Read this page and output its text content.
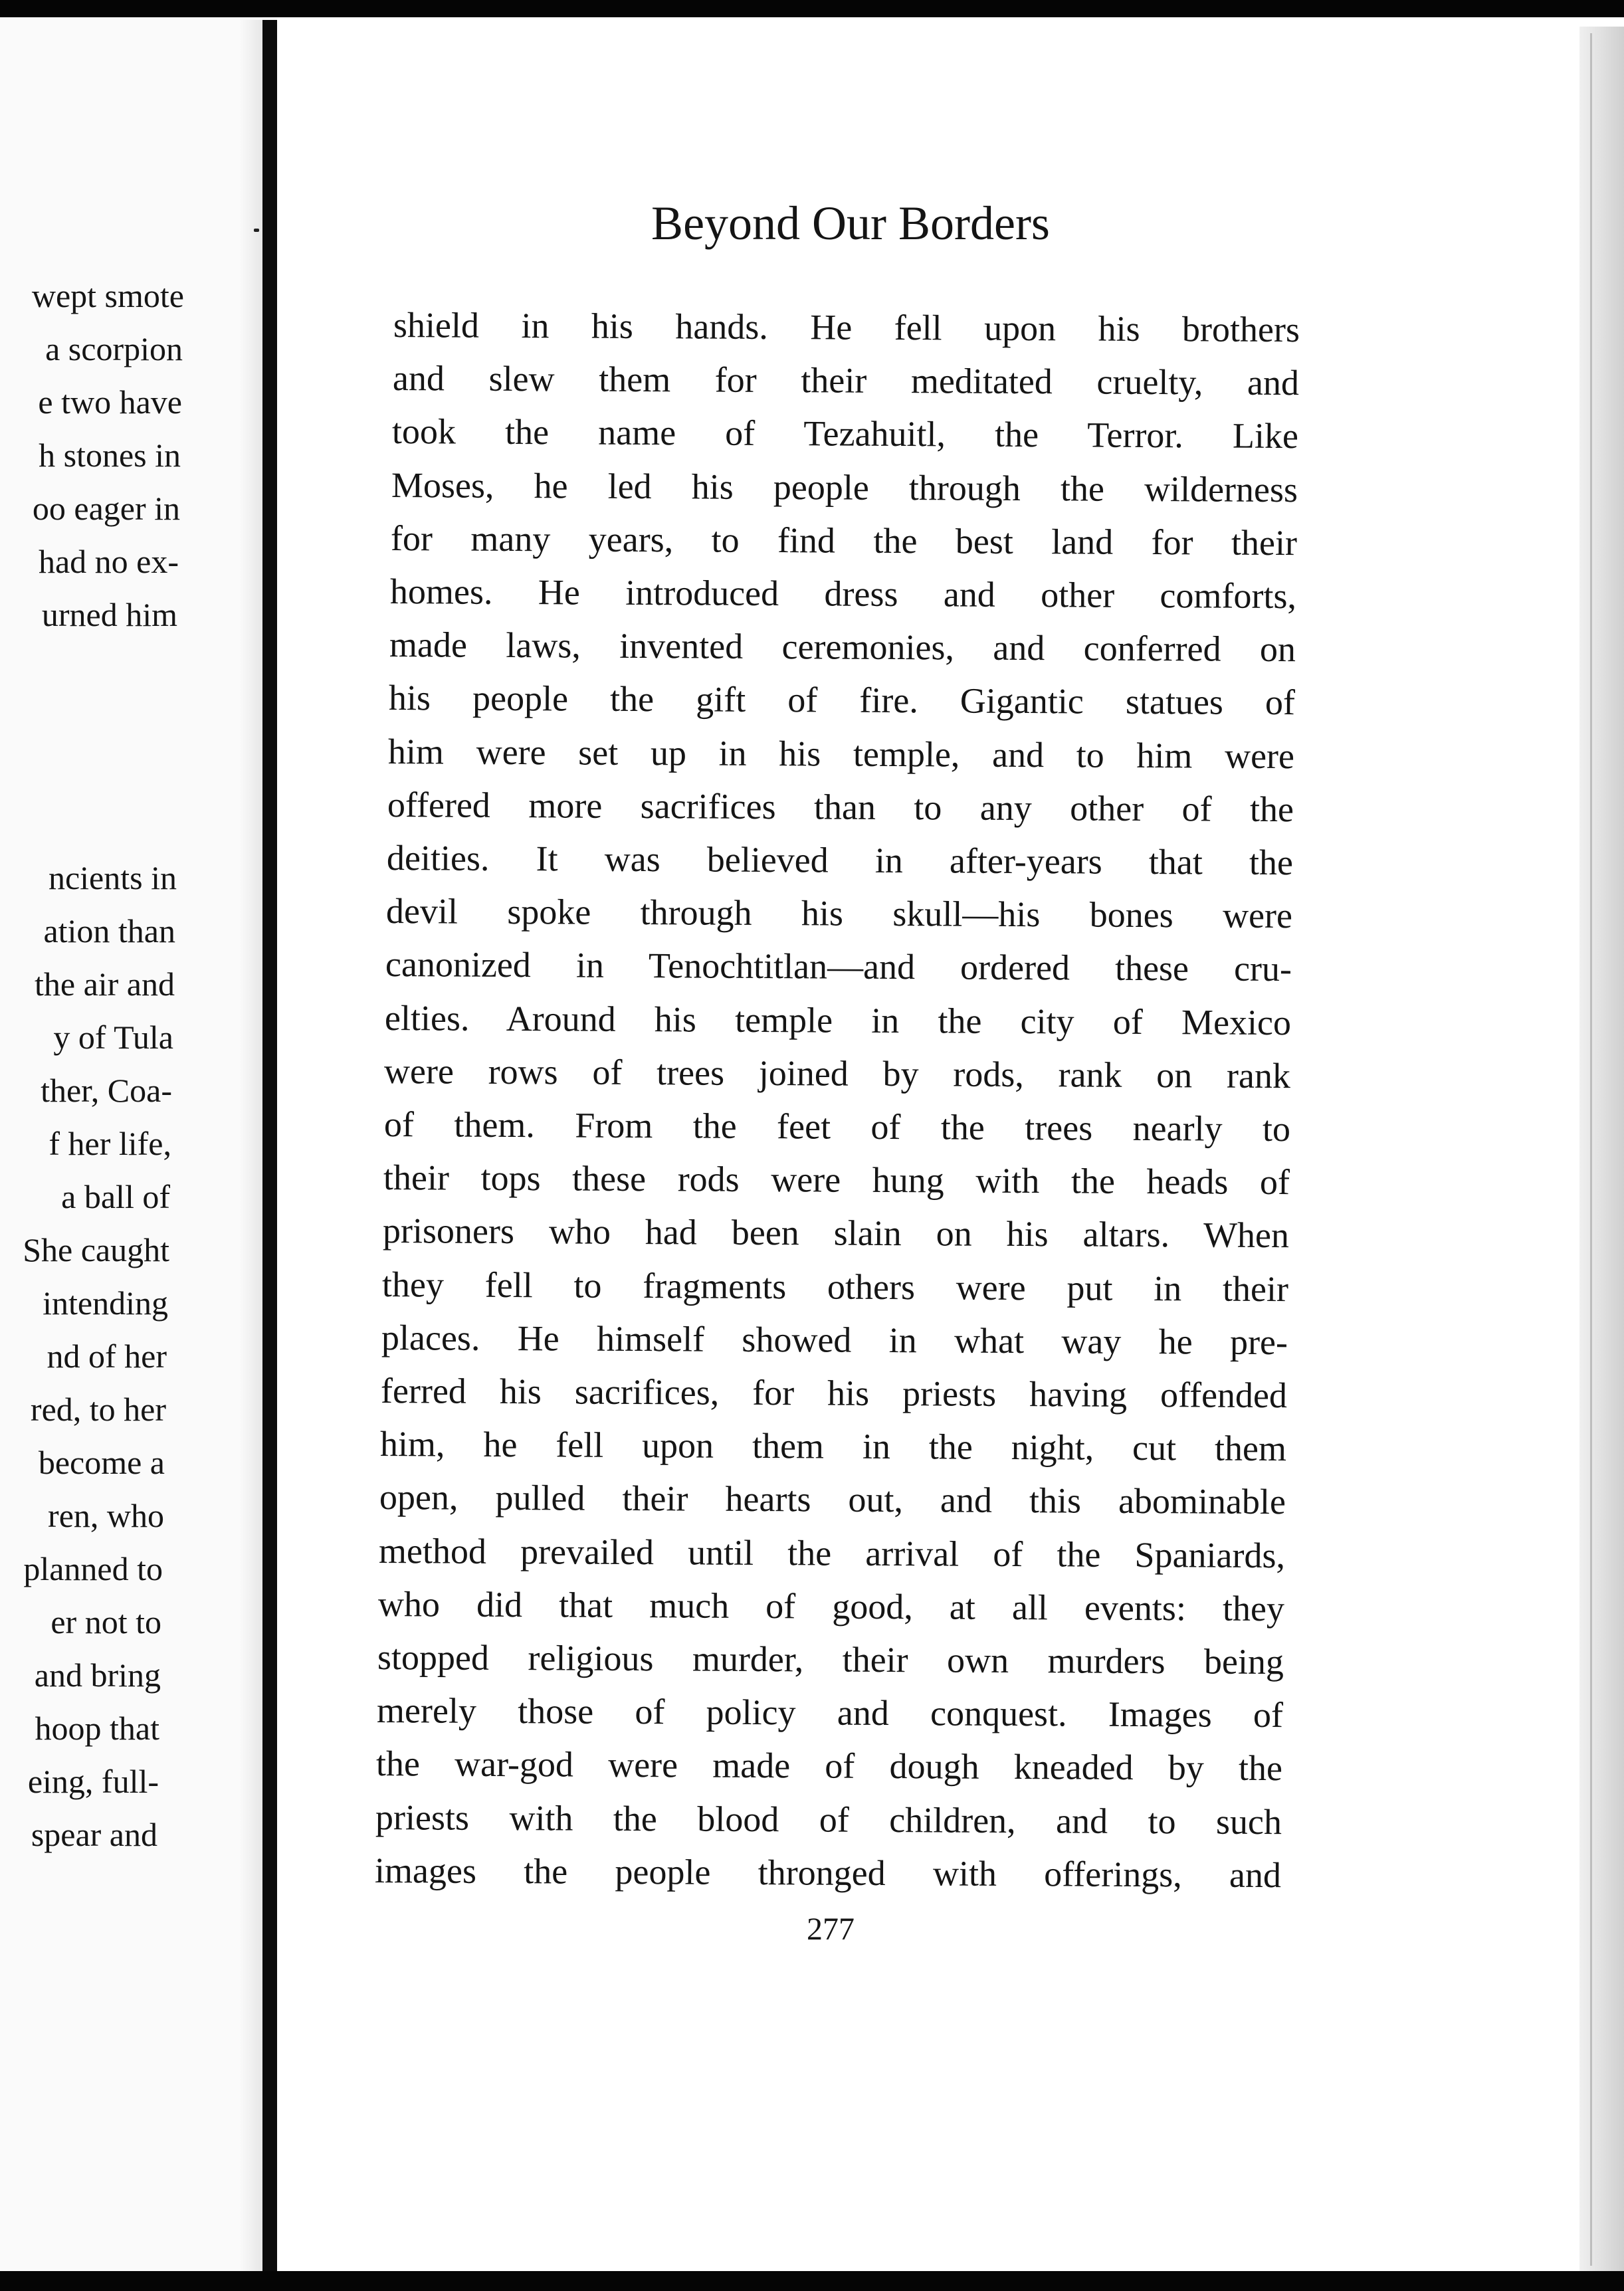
wept smote
a scorpion
e two have
h stones in
oo eager in
had no ex-
urned him
ncients in
ation than
the air and
y of Tula
ther, Coa-
f her life,
a ball of
She caught
intending
nd of her
red, to her
become a
ren, who
planned to
er not to
and bring
hoop that
eing, full-
spear and
Beyond Our Borders
shield in his hands. He fell upon his brothers
and slew them for their meditated cruelty, and
took the name of Tezahuitl, the Terror. Like
Moses, he led his people through the wilderness
for many years, to find the best land for their
homes. He introduced dress and other comforts,
made laws, invented ceremonies, and conferred on
his people the gift of fire. Gigantic statues of
him were set up in his temple, and to him were
offered more sacrifices than to any other of the
deities. It was believed in after-years that the
devil spoke through his skull—his bones were
canonized in Tenochtitlan—and ordered these cru-
elties. Around his temple in the city of Mexico
were rows of trees joined by rods, rank on rank
of them. From the feet of the trees nearly to
their tops these rods were hung with the heads of
prisoners who had been slain on his altars. When
they fell to fragments others were put in their
places. He himself showed in what way he pre-
ferred his sacrifices, for his priests having offended
him, he fell upon them in the night, cut them
open, pulled their hearts out, and this abominable
method prevailed until the arrival of the Spaniards,
who did that much of good, at all events: they
stopped religious murder, their own murders being
merely those of policy and conquest. Images of
the war-god were made of dough kneaded by the
priests with the blood of children, and to such
images the people thronged with offerings, and
277
